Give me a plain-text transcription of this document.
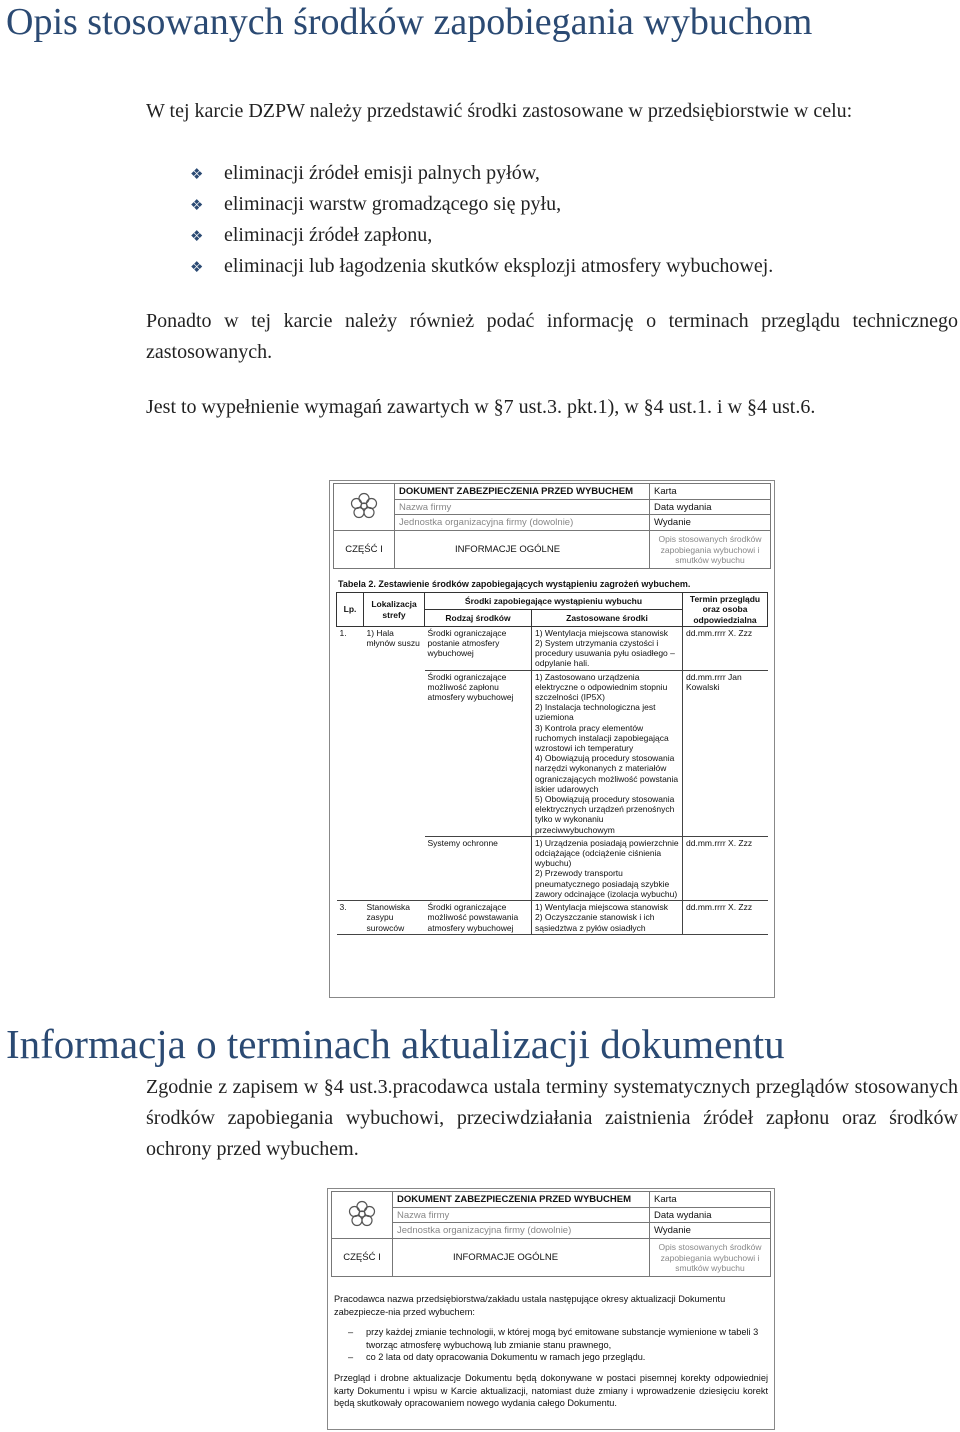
Opis stosowanych środków zapobiegania wybuchom

W tej karcie DZPW należy przedstawić środki zastosowane w przedsiębiorstwie w celu:

❖ eliminacji źródeł emisji palnych pyłów,
❖ eliminacji warstw gromadzącego się pyłu,
❖ eliminacji źródeł zapłonu,
❖ eliminacji lub łagodzenia skutków eksplozji atmosfery wybuchowej.

Ponadto w tej karcie należy również podać informację o terminach przeglądu technicznego zastosowanych.

Jest to wypełnienie wymagań zawartych w §7 ust.3. pkt.1), w §4 ust.1. i w §4 ust.6.

	DOKUMENT ZABEZPIECZENIA PRZED WYBUCHEM	Karta
	Nazwa firmy	Data wydania
	Jednostka organizacyjna firmy (dowolnie)	Wydanie
CZĘŚĆ I	INFORMACJE OGÓLNE	Opis stosowanych środków zapobiegania wybuchowi i smutków wybuchu
Tabela 2. Zestawienie środków zapobiegających wystąpieniu zagrożeń wybuchem.
Lp.	Lokalizacja strefy	Środki zapobiegające wystąpieniu wybuchu		Termin przeglądu oraz osoba odpowiedzialna
		Rodzaj środków	Zastosowane środki	
1.	1) Hala młynów suszu	Środki ograniczające postanie atmosfery wybuchowej	1) Wentylacja miejscowa stanowisk
2) System utrzymania czystości i procedury usuwania pyłu osiadłego – odpylanie hali.	dd.mm.rrrr X. Zzz
		Środki ograniczające możliwość zapłonu atmosfery wybuchowej	1) Zastosowano urządzenia elektryczne o odpowiednim stopniu szczelności (IP5X)
2) Instalacja technologiczna jest uziemiona
3) Kontrola pracy elementów ruchomych instalacji zapobiegająca wzrostowi ich temperatury
4) Obowiązują procedury stosowania narzędzi wykonanych z materiałów ograniczających możliwość powstania iskier udarowych
5) Obowiązują procedury stosowania elektrycznych urządzeń przenośnych tylko w wykonaniu przeciwwybuchowym	dd.mm.rrrr Jan Kowalski
		Systemy ochronne	1) Urządzenia posiadają powierzchnie odciążające (odciążenie ciśnienia wybuchu)
2) Przewody transportu pneumatycznego posiadają szybkie zawory odcinające (izolacja wybuchu)	dd.mm.rrrr X. Zzz
3.	Stanowiska zasypu surowców	Środki ograniczające możliwość powstawania atmosfery wybuchowej	1) Wentylacja miejscowa stanowisk
2) Oczyszczanie stanowisk i ich sąsiedztwa z pyłów osiadłych	dd.mm.rrrr X. Zzz
Informacja o terminach aktualizacji dokumentu

Zgodnie z zapisem w §4 ust.3.pracodawca ustala terminy systematycznych przeglądów stosowanych środków zapobiegania wybuchowi, przeciwdziałania zaistnienia źródeł zapłonu oraz środków ochrony przed wybuchem.

	DOKUMENT ZABEZPIECZENIA PRZED WYBUCHEM	Karta
	Nazwa firmy	Data wydania
	Jednostka organizacyjna firmy (dowolnie)	Wydanie
CZĘŚĆ I	INFORMACJE OGÓLNE	Opis stosowanych środków zapobiegania wybuchowi i smutków wybuchu

Pracodawca nazwa przedsiębiorstwa/zakładu ustala następujące okresy aktualizacji Dokumentu zabezpiecze-nia przed wybuchem:

– przy każdej zmianie technologii, w której mogą być emitowane substancje wymienione w tabeli 3 tworząc atmosferę wybuchową lub zmianie stanu prawnego,
– co 2 lata od daty opracowania Dokumentu w ramach jego przeglądu.

Przegląd i drobne aktualizacje Dokumentu będą dokonywane w postaci pisemnej korekty odpowiedniej karty Dokumentu i wpisu w Karcie aktualizacji, natomiast duże zmiany i wprowadzenie dziesięciu korekt będą skutkowały opracowaniem nowego wydania całego Dokumentu.
